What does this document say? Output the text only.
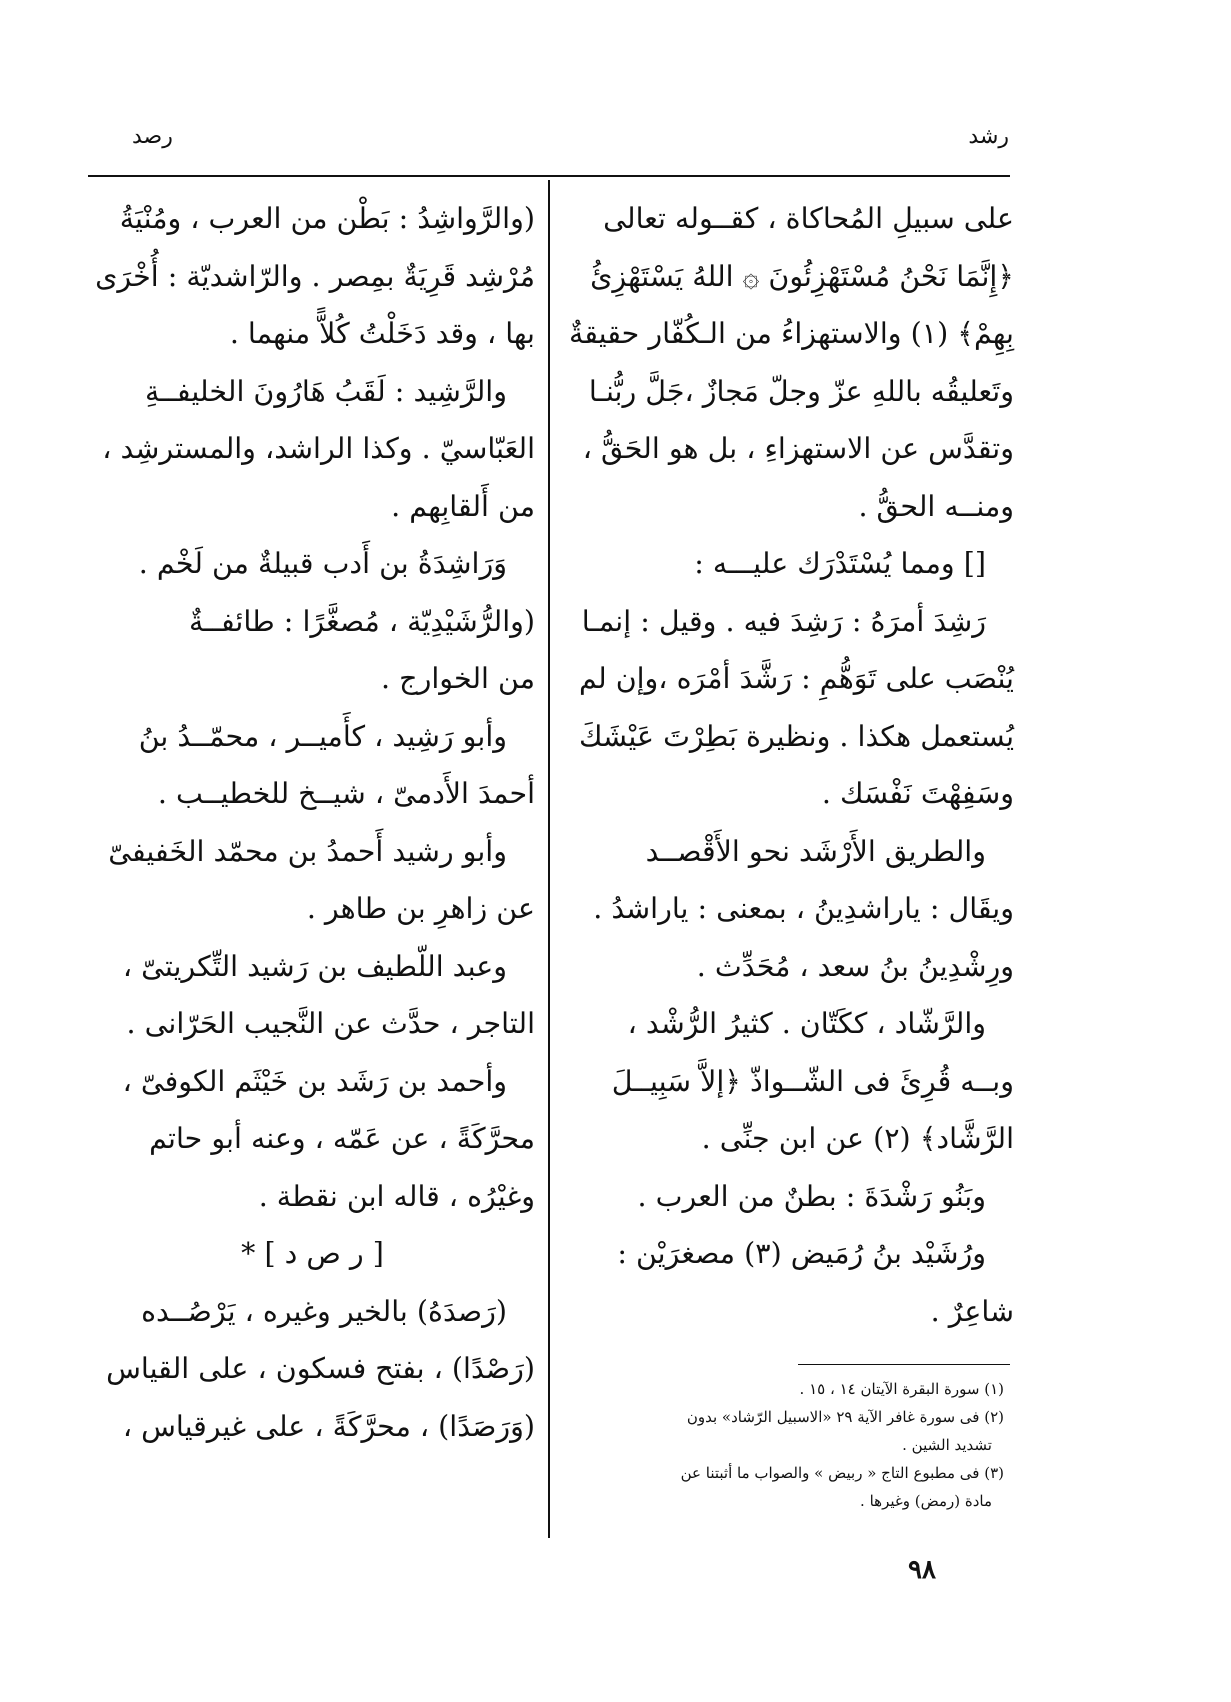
رشد
رصد
على سبيلِ المُحاكاة ، كقــوله تعالى
﴿إِنَّمَا نَحْنُ مُسْتَهْزِئُونَ ۞ اللهُ يَسْتَهْزِئُ
بِهِمْ﴾ (١) والاستهزاءُ من الـكُفّار حقيقةٌ
وتَعليقُه باللهِ عزّ وجلّ مَجازٌ ،جَلَّ ربُّنـا
وتقدَّس عن الاستهزاءِ ، بل هو الحَقُّ ،
ومنــه الحقُّ .
[] ومما يُسْتَدْرَك عليـــه :
رَشِدَ أمرَهُ : رَشِدَ فيه . وقيل : إنمـا
يُنْصَب على تَوَهُّمِ : رَشَّدَ أمْرَه ،وإن لم
يُستعمل هكذا . ونظيرة بَطِرْتَ عَيْشَكَ
وسَفِهْتَ نَفْسَك .
والطريق الأَرْشَد نحو الأَقْصــد
ويقَال : ياراشدِينُ ، بمعنى : ياراشدُ .
ورِشْدِينُ بنُ سعد ، مُحَدِّث .
والرَّشّاد ، ككَتّان . كثيرُ الرُّشْد ،
وبــه قُرِئَ فى الشّــواذّ ﴿إلاَّ سَبِيــلَ
الرَّشَّاد﴾ (٢) عن ابن جنِّى .
وبَنُو رَشْدَةَ : بطنٌ من العرب .
ورُشَيْد بنُ رُمَيض (٣) مصغرَيْن :
شاعِرٌ .
(١) سورة البقرة الآيتان ١٤ ، ١٥ .
(٢) فى سورة غافر الآية ٢٩ «الاسبيل الرّشاد» بدون
تشديد الشين .
(٣) فى مطبوع التاج « ربيض » والصواب ما أثبتنا عن
مادة (رمض) وغيرها .
(والرَّواشِدُ : بَطْن من العرب ، ومُنْيَةُ
مُرْشِد قَرِيَةٌ بمِصر . والرّاشديّة : أُخْرَى
بها ، وقد دَخَلْتُ كُلاًّ منهما .
والرَّشِيد : لَقَبُ هَارُونَ الخليفــةِ
العَبّاسيّ . وكذا الراشد، والمسترشِد ،
من أَلقابِهم .
وَرَاشِدَةُ بن أَدب قبيلةٌ من لَخْم .
(والرُّشَيْدِيّة ، مُصغَّرًا : طائفــةٌ
من الخوارج .
وأبو رَشِيد ، كأَميــر ، محمّــدُ بنُ
أحمدَ الأَدمىّ ، شيــخ للخطيــب .
وأبو رشيد أَحمدُ بن محمّد الخَفيفىّ
عن زاهرِ بن طاهر .
وعبد اللّطيف بن رَشيد التِّكريتىّ ،
التاجر ، حدَّث عن النَّجيب الحَرّانى .
وأحمد بن رَشَد بن خَيْثَم الكوفىّ ،
محرَّكَةً ، عن عَمّه ، وعنه أبو حاتم
وغيْرُه ، قاله ابن نقطة .
[ ر ص د ] *
(رَصدَهُ) بالخير وغيره ، يَرْصُــده
(رَصْدًا) ، بفتح فسكون ، على القياس
(وَرَصَدًا) ، محرَّكَةً ، على غيرقياس ،
٩٨
